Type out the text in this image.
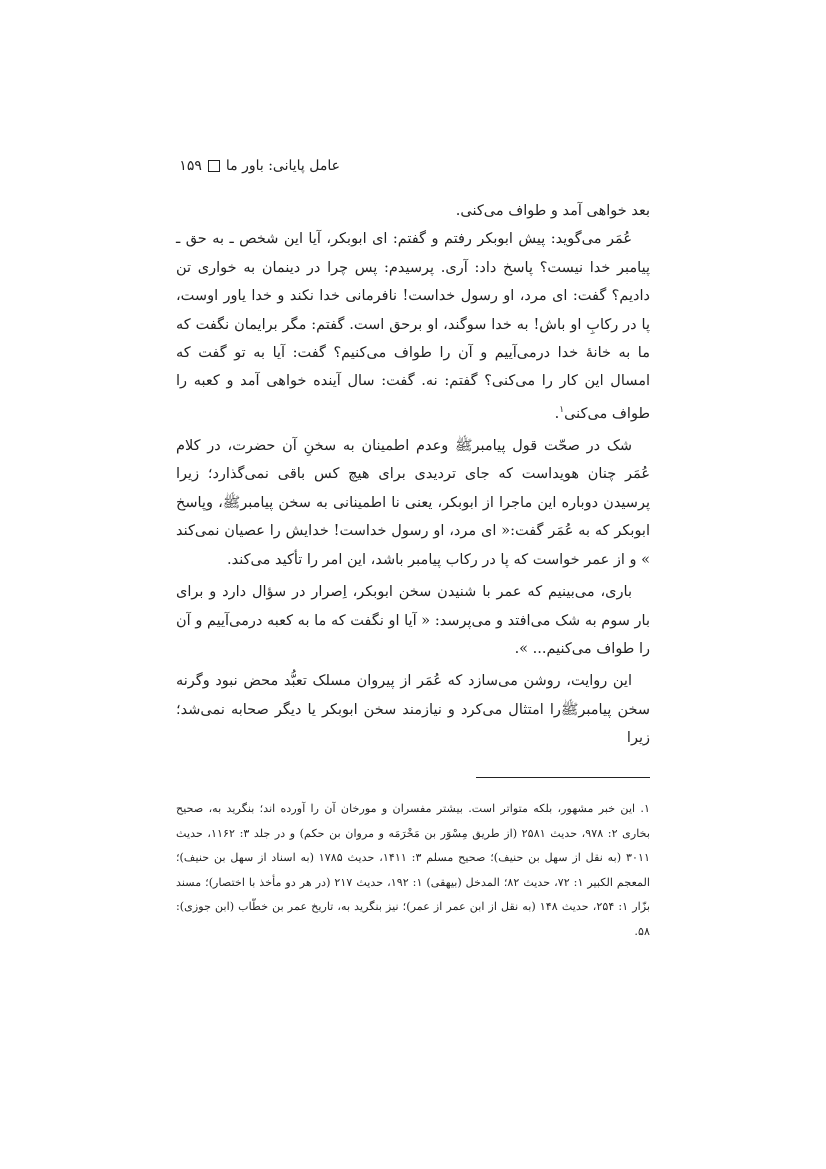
عامل پایانی: باور ما
۱۵۹

بعد خواهی آمد و طواف می‌کنی.

عُمَر می‌گوید: پیش ابوبکر رفتم و گفتم: ای ابوبکر، آیا این شخص ـ به حق ـ پیامبر خدا نیست؟ پاسخ داد: آری. پرسیدم: پس چرا در دینمان به خواری تن دادیم؟ گفت: ای مرد، او رسول خداست! نافرمانی خدا نکند و خدا یاور اوست، پا در رکابِ او باش! به خدا سوگند، او برحق است. گفتم: مگر برایمان نگفت که ما به خانهٔ خدا درمی‌آییم و آن را طواف می‌کنیم؟ گفت: آیا به تو گفت که امسال این کار را می‌کنی؟ گفتم: نه. گفت: سال آینده خواهی آمد و کعبه را طواف می‌کنی$^۱$.

شک در صحّت قول پیامبرﷺ وعدم اطمینان به سخنِ آن حضرت، در کلام عُمَر چنان هویداست که جای تردیدی برای هیچ کس باقی نمی‌گذارد؛ زیرا پرسیدن دوباره این ماجرا از ابوبکر، یعنی نا اطمینانی به سخن پیامبرﷺ، وپاسخ ابوبکر که به عُمَر گفت:« ای مرد، او رسول خداست! خدایش را عصیان نمی‌کند » و از عمر خواست که پا در رکاب پیامبر باشد، این امر را تأکید می‌کند.

باری، می‌بینیم که عمر با شنیدن سخن ابوبکر، اِصرار در سؤال دارد و برای بار سوم به شک می‌افتد و می‌پرسد: « آیا او نگفت که ما به کعبه درمی‌آییم و آن را طواف می‌کنیم... ».

این روایت، روشن می‌سازد که عُمَر از پیروان مسلک تعبُّد محض نبود وگرنه سخن پیامبرﷺ‌را امتثال می‌کرد و نیازمند سخن ابوبکر یا دیگر صحابه نمی‌شد؛ زیرا

۱. این خبر مشهور، بلکه متواتر است. بیشتر مفسران و مورخان آن را آورده اند؛ بنگرید به، صحیح بخاری ۲: ۹۷۸، حدیث ۲۵۸۱ (از طریق مِسْوَر بن مَخْرَمَه و مروان بن حکم) و در جلد ۳: ۱۱۶۲، حدیث ۳۰۱۱ (به نقل از سهل بن حنیف)؛ صحیح مسلم ۳: ۱۴۱۱، حدیث ۱۷۸۵ (به اسناد از سهل بن حنیف)؛ المعجم الکبیر ۱: ۷۲، حدیث ۸۲؛ المدخل (بیهقی) ۱: ۱۹۲، حدیث ۲۱۷ (در هر دو مأخذ با اختصار)؛ مسند بزّار ۱: ۲۵۴، حدیث ۱۴۸ (به نقل از ابن عمر از عمر)؛ نیز بنگرید به، تاریخ عمر بن خطّاب (ابن جوزی): ۵۸.
